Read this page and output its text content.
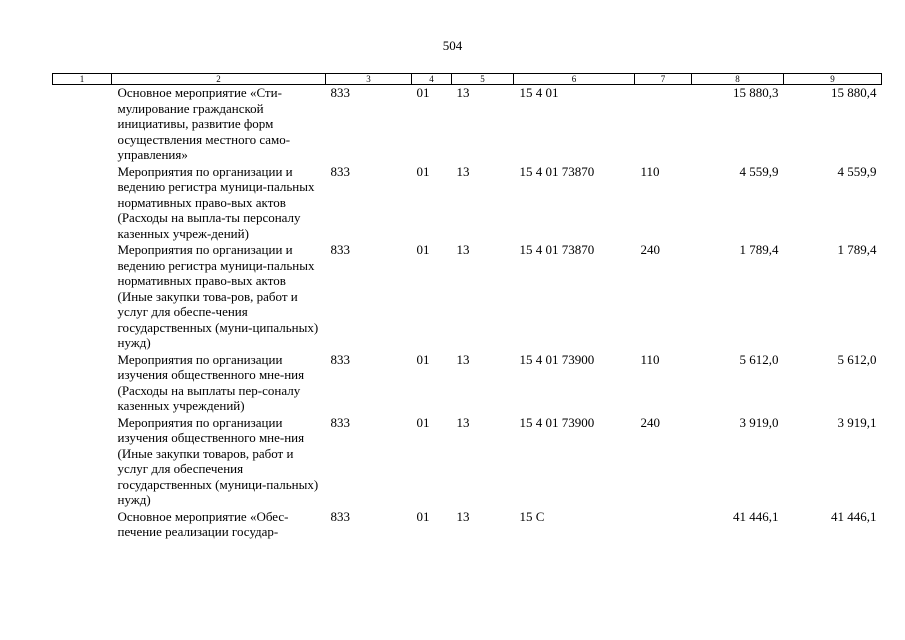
504
1	2	3	4	5	6	7	8	9
	Основное мероприятие «Сти-мулирование гражданской инициативы, развитие форм осуществления местного само-управления»	833	01	13	15 4 01		15 880,3	15 880,4
	Мероприятия по организации и ведению регистра муници-пальных нормативных право-вых актов (Расходы на выпла-ты персоналу казенных учреж-дений)	833	01	13	15 4 01 73870	110	4 559,9	4 559,9
	Мероприятия по организации и ведению регистра муници-пальных нормативных право-вых актов (Иные закупки това-ров, работ и услуг для обеспе-чения государственных (муни-ципальных) нужд)	833	01	13	15 4 01 73870	240	1 789,4	1 789,4
	Мероприятия по организации изучения общественного мне-ния (Расходы на выплаты пер-соналу казенных учреждений)	833	01	13	15 4 01 73900	110	5 612,0	5 612,0
	Мероприятия по организации изучения общественного мне-ния (Иные закупки товаров, работ и услуг для обеспечения государственных (муници-пальных) нужд)	833	01	13	15 4 01 73900	240	3 919,0	3 919,1
	Основное мероприятие «Обес-печение реализации государ-	833	01	13	15 С		41 446,1	41 446,1
